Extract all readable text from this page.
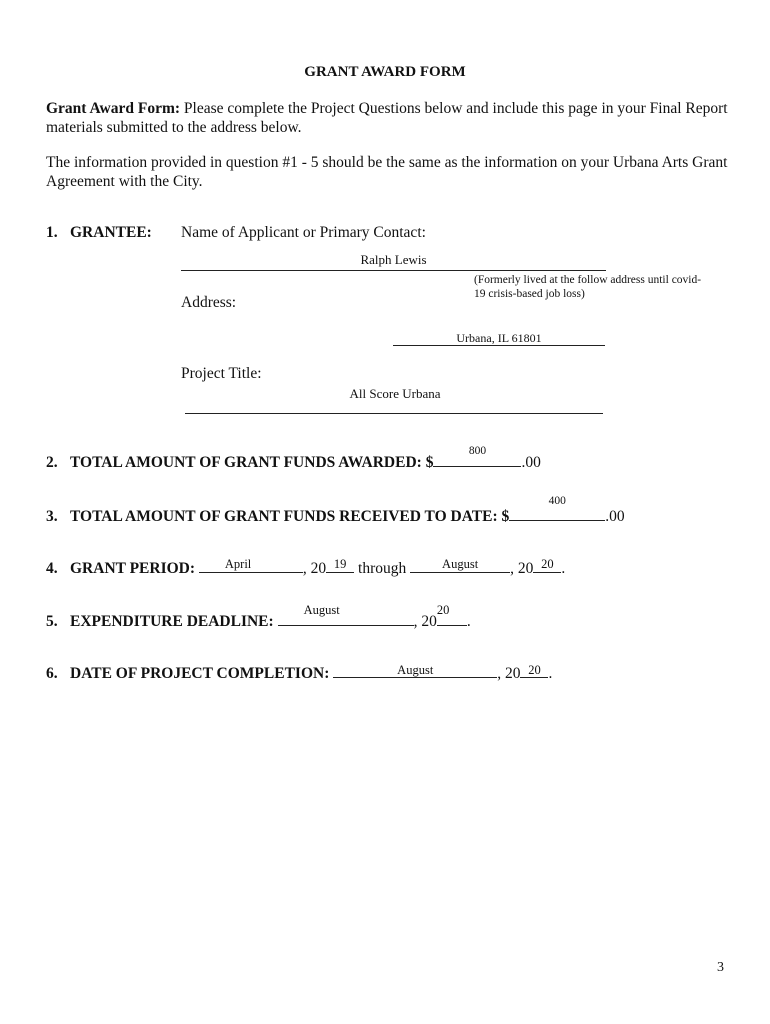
GRANT AWARD FORM
Grant Award Form: Please complete the Project Questions below and include this page in your Final Report materials submitted to the address below.
The information provided in question #1 - 5 should be the same as the information on your Urbana Arts Grant Agreement with the City.
1. GRANTEE: Name of Applicant or Primary Contact:
Ralph Lewis
(Formerly lived at the follow address until covid-19 crisis-based job loss)
Address:
Urbana, IL 61801
Project Title:
All Score Urbana
2. TOTAL AMOUNT OF GRANT FUNDS AWARDED: $
800
.00
3. TOTAL AMOUNT OF GRANT FUNDS RECEIVED TO DATE: $
400
.00
4. GRANT PERIOD:	April	, 20 19 through	August	, 20 20 .
5. EXPENDITURE DEADLINE:
August
, 20
20
.
6. DATE OF PROJECT COMPLETION:	August	, 20 20 .
3
